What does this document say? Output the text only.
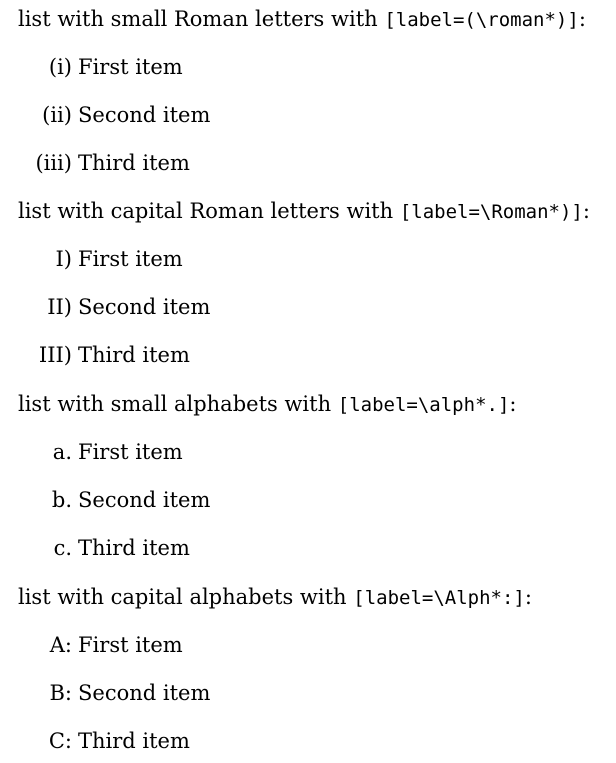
list with small Roman letters with [label=(\roman*)]:
(i) First item
(ii) Second item
(iii) Third item
list with capital Roman letters with [label=\Roman*)]:
I) First item
II) Second item
III) Third item
list with small alphabets with [label=\alph*.]:
a. First item
b. Second item
c. Third item
list with capital alphabets with [label=\Alph*:]:
A: First item
B: Second item
C: Third item
